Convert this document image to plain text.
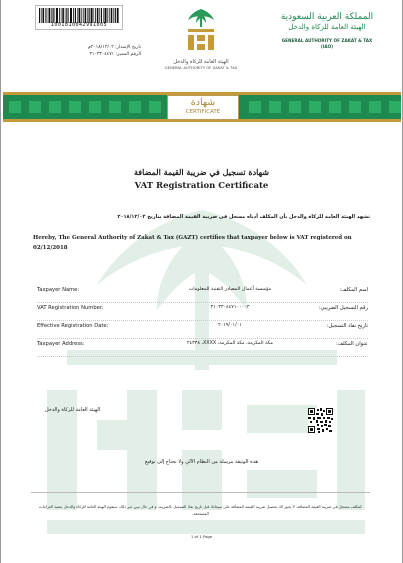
1001810042991005
تاريخ الإصدار: ٢٠١٨/١٢/٠٢م
الرقم المميز: ٣١٠٣٣٠٤٤٧١
الهيئة العامة للزكاة والدخل
GENERAL AUTHORITY OF ZAKAT & TAX
المملكة العربية السعودية
الهيئة العامة للزكاة والدخل
GENERAL AUTHORITY OF ZAKAT & TAX
(IAO)
شهادة
CERTIFICATE
شهادة تسجيل في ضريبة القيمة المضافة
VAT Registration Certificate
تشهد الهيئة العامة للزكاة والدخل بأن المكلف أدناه مسجل في ضريبة القيمة المضافة بتاريخ ٢٠١٨/١٢/٠٢
Hereby, The General Authority of Zakat & Tax (GAZT) certifies that taxpayer below is VAT registered on 02/12/2018
Taxpayer Name:	مؤسسة أعمال المصادر التقنية للمعلومات	اسم المكلف:
VAT Registration Number:	٣١٠٣٣٠٤٤٧١٠٠٠٠٣	رقم التسجيل الضريبي:
Effective Registration Date:	٢٠١٩/٠١/٠١	تاريخ نفاذ التسجيل:
Taxpayer Address:	مكة المكرمة، مكة المكرمة، XXXX، ٢٤٣٣٨	عنوان المكلف:
الهيئة العامة للزكاة والدخل
هذه الوثيقة مرسلة من النظام الآلي ولا تحتاج إلى توقيع
كمكلف مسجل في ضريبة القيمة المضافة، لا يجوز لك تحصيل ضريبة القيمة المضافة على مبيعاتك قبل تاريخ نفاذ التسجيل بالضريبة، و في حال تبين غير ذلك، ستقوم الهيئة العامة للزكاة والدخل بتنفيذ الغرامات المستحقة.
1 of 1 Page
